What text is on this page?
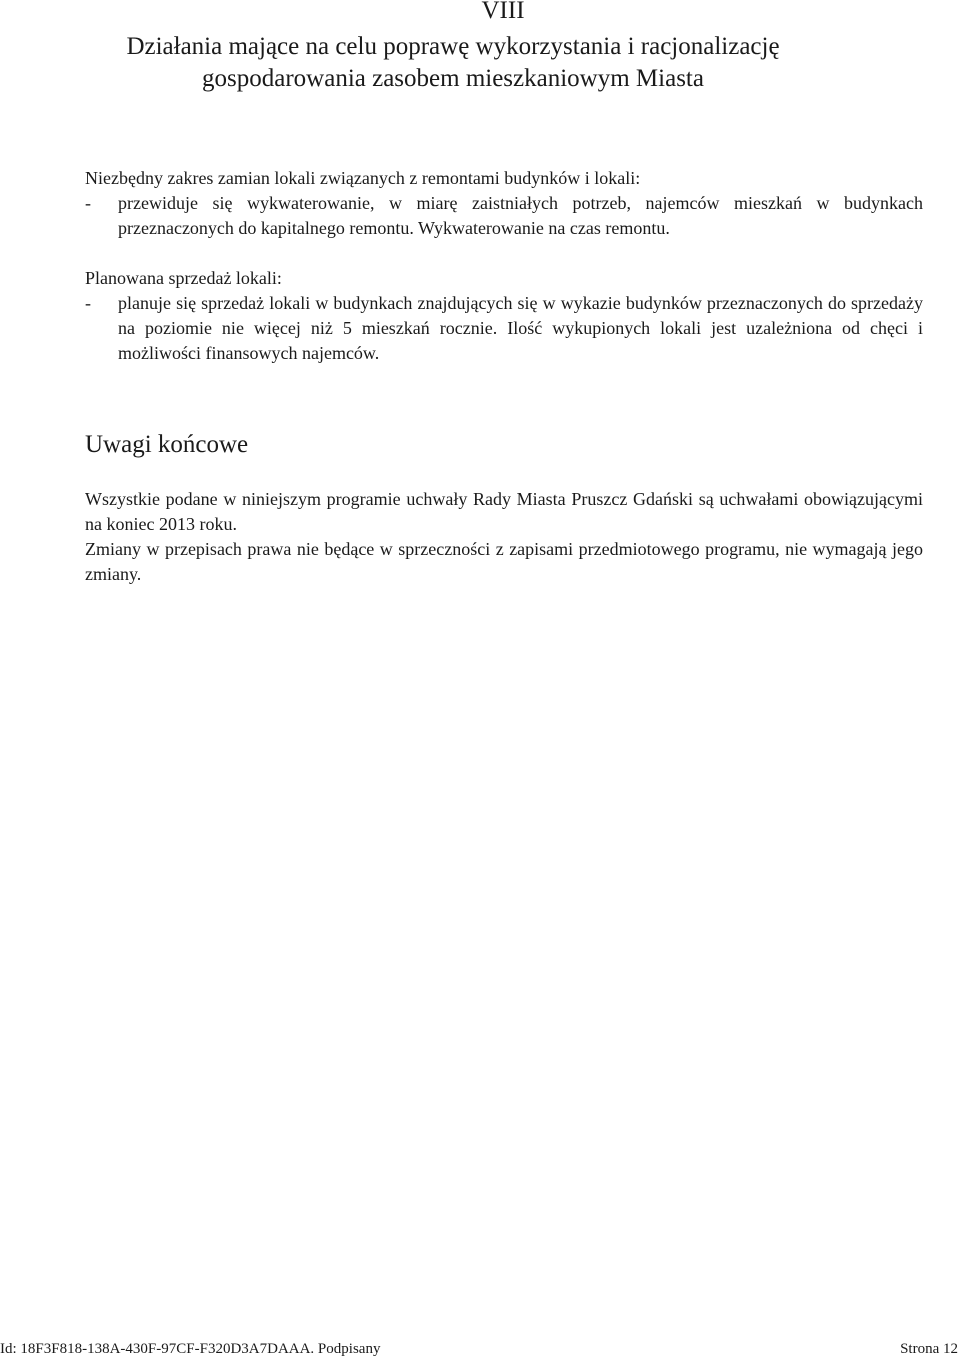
VIII
Działania mające na celu poprawę wykorzystania i racjonalizację
gospodarowania zasobem mieszkaniowym Miasta
Niezbędny zakres zamian lokali związanych z remontami budynków i lokali:
- przewiduje się wykwaterowanie, w miarę zaistniałych potrzeb, najemców mieszkań w budynkach przeznaczonych do kapitalnego remontu. Wykwaterowanie na czas remontu.
Planowana sprzedaż lokali:
- planuje się sprzedaż lokali w budynkach znajdujących się w wykazie budynków przeznaczonych do sprzedaży na poziomie nie więcej niż 5 mieszkań rocznie. Ilość wykupionych lokali jest uzależniona od chęci i możliwości finansowych najemców.
Uwagi końcowe
Wszystkie podane w niniejszym programie uchwały Rady Miasta Pruszcz Gdański są uchwałami obowiązującymi na koniec 2013 roku.
Zmiany w przepisach prawa nie będące w sprzeczności z zapisami przedmiotowego programu, nie wymagają jego zmiany.
Id: 18F3F818-138A-430F-97CF-F320D3A7DAAA. Podpisany	Strona 12
